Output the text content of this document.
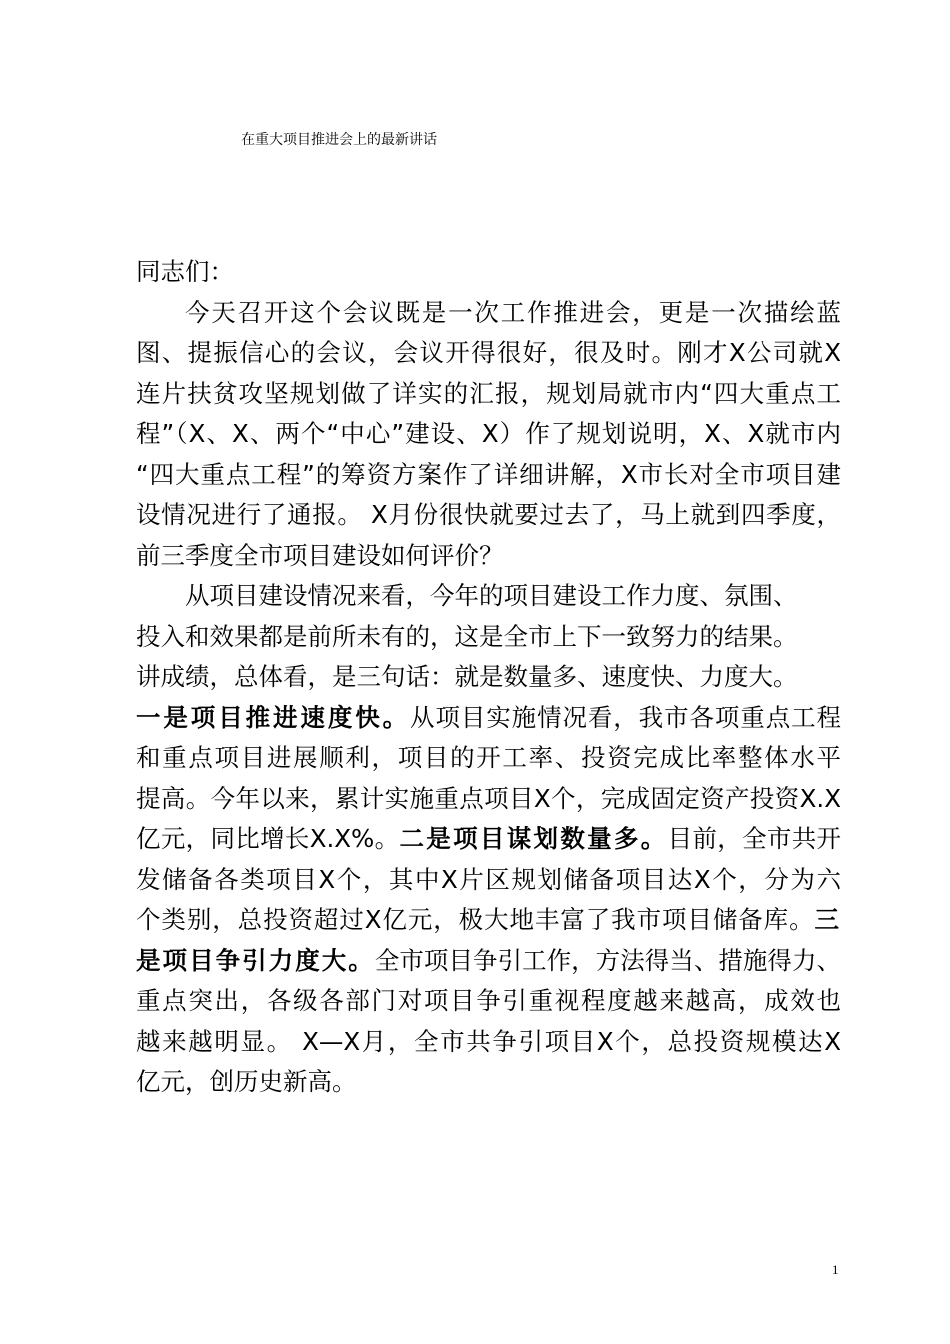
在重大项目推进会上的最新讲话
同志们：
今天召开这个会议既是一次工作推进会，更是一次描绘蓝
图、提振信心的会议，会议开得很好，很及时。刚才X公司就X
连片扶贫攻坚规划做了详实的汇报，规划局就市内“四大重点工
程”（X、X、两个“中心”建设、X）作了规划说明，X、X就市内
“四大重点工程”的筹资方案作了详细讲解，X市长对全市项目建
设情况进行了通报。 X月份很快就要过去了，马上就到四季度，
前三季度全市项目建设如何评价？
从项目建设情况来看，今年的项目建设工作力度、氛围、
投入和效果都是前所未有的，这是全市上下一致努力的结果。
讲成绩，总体看，是三句话：就是数量多、速度快、力度大。
一是项目推进速度快。从项目实施情况看，我市各项重点工程
和重点项目进展顺利，项目的开工率、投资完成比率整体水平
提高。今年以来，累计实施重点项目X个，完成固定资产投资X.X
亿元，同比增长X.X%。二是项目谋划数量多。目前，全市共开
发储备各类项目X个，其中X片区规划储备项目达X个，分为六
个类别，总投资超过X亿元，极大地丰富了我市项目储备库。三
是项目争引力度大。全市项目争引工作，方法得当、措施得力、
重点突出，各级各部门对项目争引重视程度越来越高，成效也
越来越明显。 X—X月，全市共争引项目X个，总投资规模达X
亿元，创历史新高。
1
